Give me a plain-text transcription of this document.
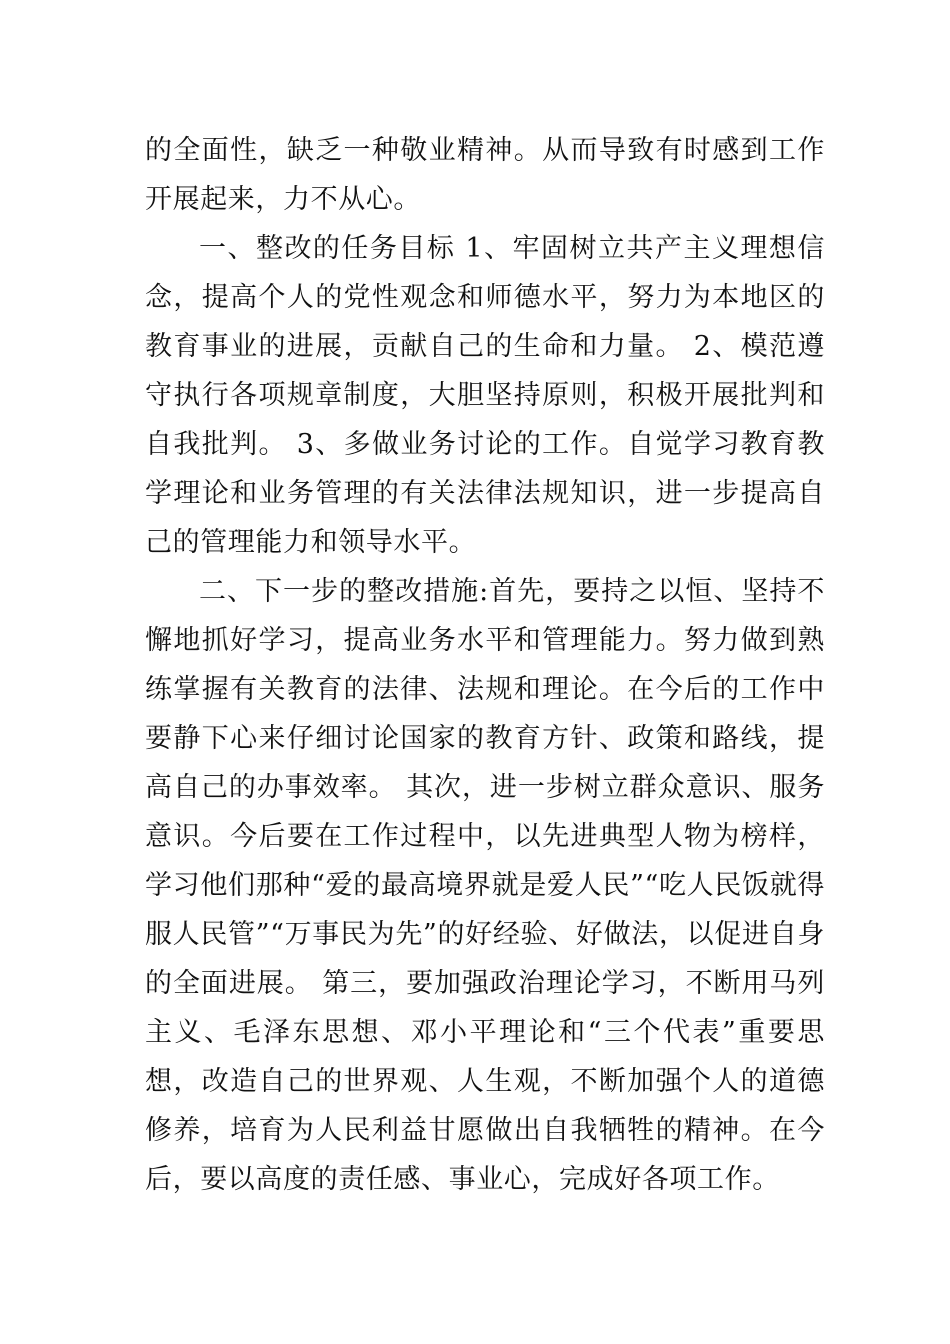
的全面性，缺乏一种敬业精神。从而导致有时感到工作开展起来，力不从心。

一、整改的任务目标 1、牢固树立共产主义理想信念，提高个人的党性观念和师德水平，努力为本地区的教育事业的进展，贡献自己的生命和力量。 2、模范遵守执行各项规章制度，大胆坚持原则，积极开展批判和自我批判。 3、多做业务讨论的工作。自觉学习教育教学理论和业务管理的有关法律法规知识，进一步提高自己的管理能力和领导水平。

二、下一步的整改措施:首先，要持之以恒、坚持不懈地抓好学习，提高业务水平和管理能力。努力做到熟练掌握有关教育的法律、法规和理论。在今后的工作中要静下心来仔细讨论国家的教育方针、政策和路线，提高自己的办事效率。 其次，进一步树立群众意识、服务意识。今后要在工作过程中，以先进典型人物为榜样，学习他们那种“爱的最高境界就是爱人民”“吃人民饭就得服人民管”“万事民为先”的好经验、好做法，以促进自身的全面进展。 第三，要加强政治理论学习，不断用马列主义、毛泽东思想、邓小平理论和“三个代表”重要思想，改造自己的世界观、人生观，不断加强个人的道德修养，培育为人民利益甘愿做出自我牺牲的精神。在今后，要以高度的责任感、事业心，完成好各项工作。
